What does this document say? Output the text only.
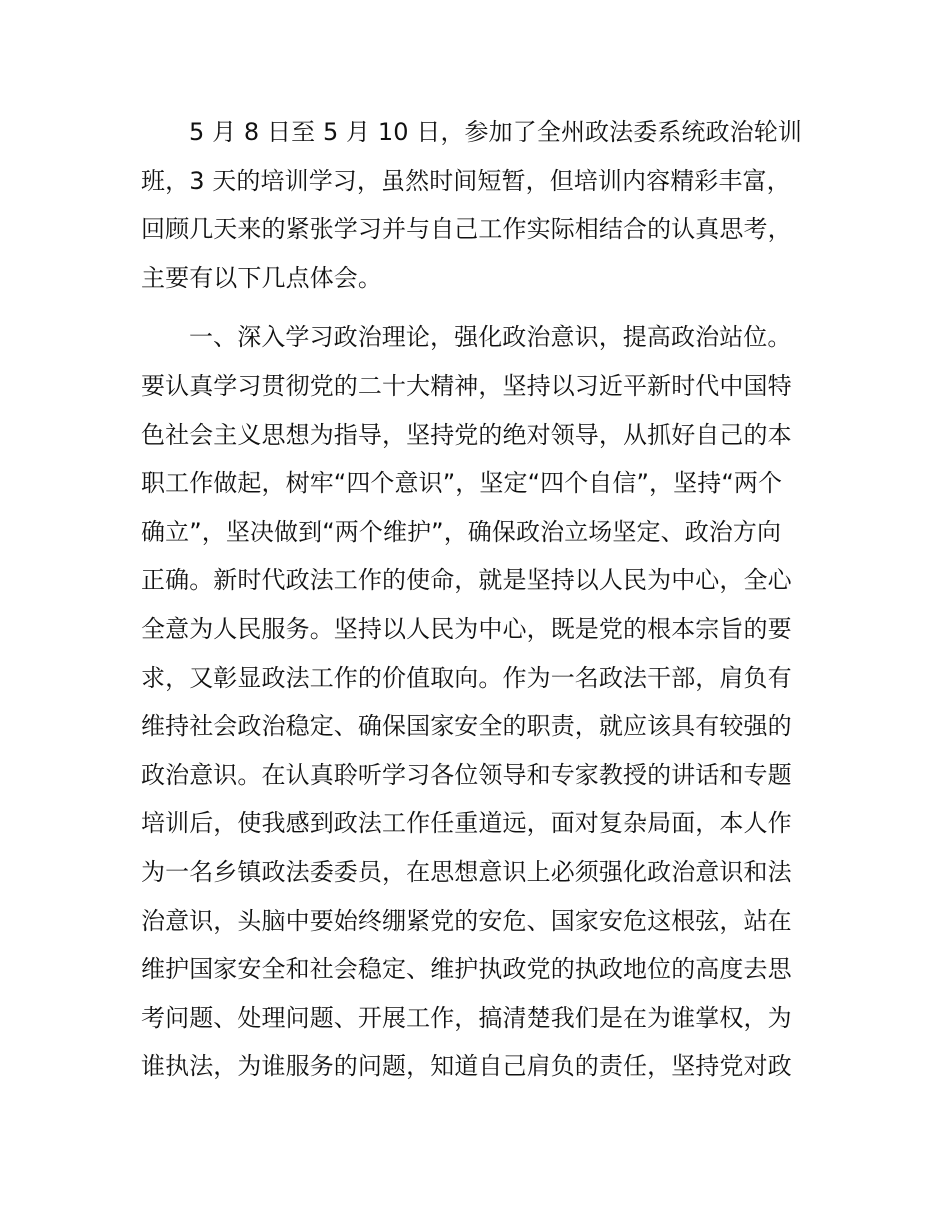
5 月 8 日至 5 月 10 日，参加了全州政法委系统政治轮训
班，3 天的培训学习，虽然时间短暂，但培训内容精彩丰富，
回顾几天来的紧张学习并与自己工作实际相结合的认真思考，
主要有以下几点体会。
一、深入学习政治理论，强化政治意识，提高政治站位。
要认真学习贯彻党的二十大精神，坚持以习近平新时代中国特
色社会主义思想为指导，坚持党的绝对领导，从抓好自己的本
职工作做起，树牢“四个意识”，坚定“四个自信”，坚持“两个
确立”，坚决做到“两个维护”，确保政治立场坚定、政治方向
正确。新时代政法工作的使命，就是坚持以人民为中心，全心
全意为人民服务。坚持以人民为中心，既是党的根本宗旨的要
求，又彰显政法工作的价值取向。作为一名政法干部，肩负有
维持社会政治稳定、确保国家安全的职责，就应该具有较强的
政治意识。在认真聆听学习各位领导和专家教授的讲话和专题
培训后，使我感到政法工作任重道远，面对复杂局面，本人作
为一名乡镇政法委委员，在思想意识上必须强化政治意识和法
治意识，头脑中要始终绷紧党的安危、国家安危这根弦，站在
维护国家安全和社会稳定、维护执政党的执政地位的高度去思
考问题、处理问题、开展工作，搞清楚我们是在为谁掌权，为
谁执法，为谁服务的问题，知道自己肩负的责任，坚持党对政
